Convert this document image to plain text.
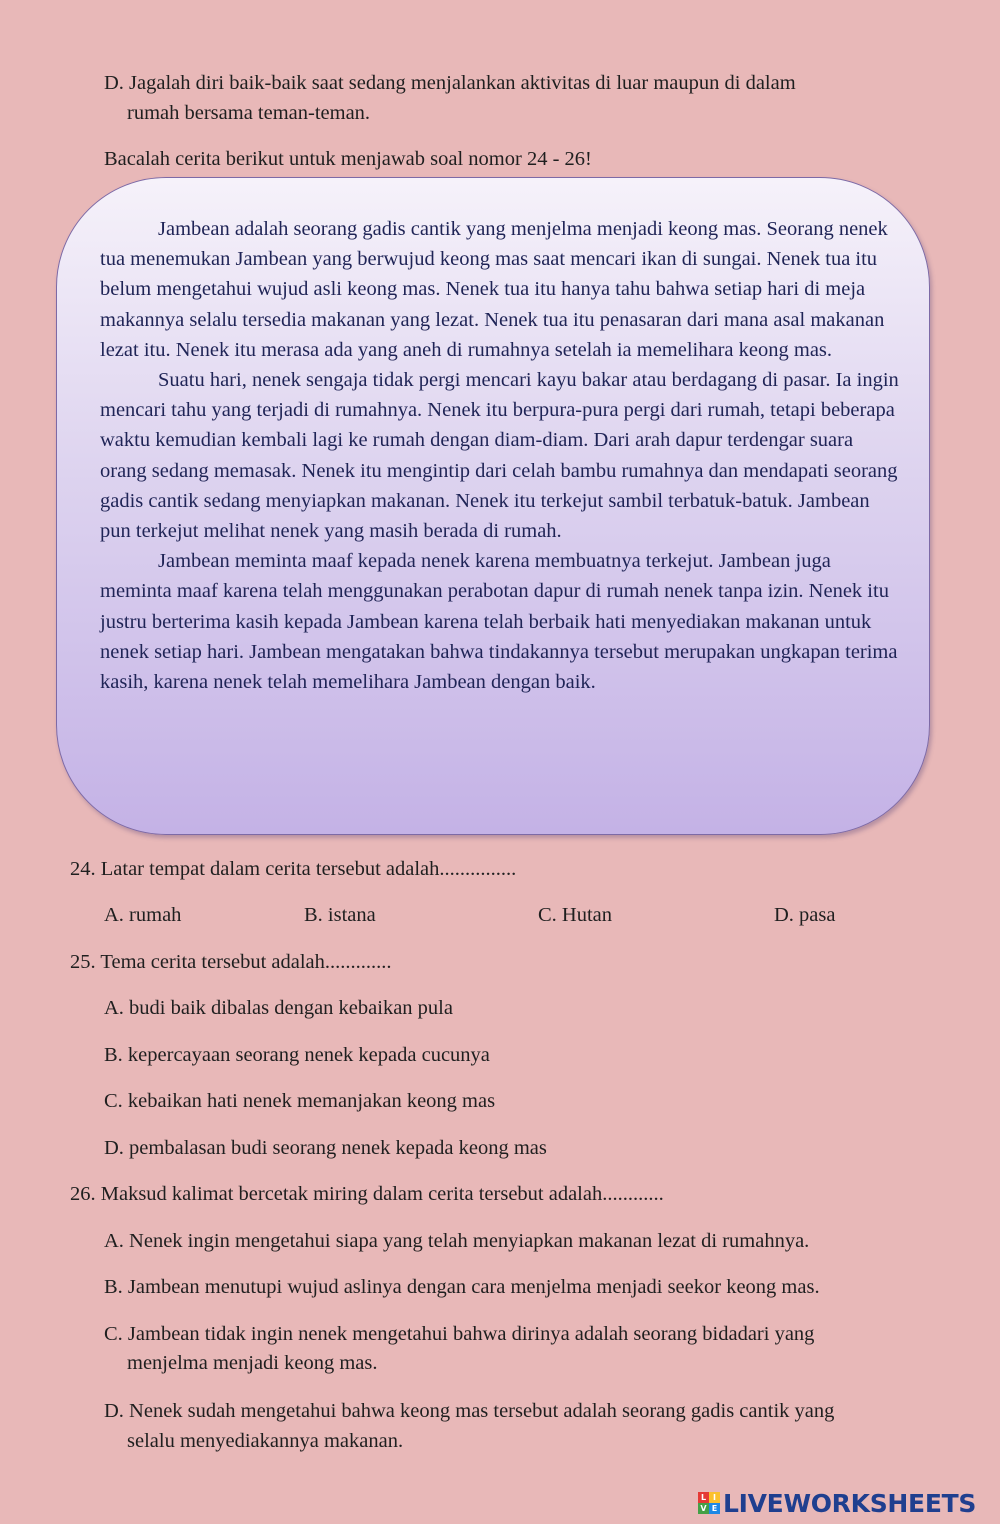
D. Jagalah diri baik-baik saat sedang menjalankan aktivitas di luar maupun di dalam
rumah bersama teman-teman.
Bacalah cerita berikut untuk menjawab soal nomor 24 - 26!

Jambean adalah seorang gadis cantik yang menjelma menjadi keong mas. Seorang nenek tua menemukan Jambean yang berwujud keong mas saat mencari ikan di sungai. Nenek tua itu belum mengetahui wujud asli keong mas. Nenek tua itu hanya tahu bahwa setiap hari di meja makannya selalu tersedia makanan yang lezat. Nenek tua itu penasaran dari mana asal makanan lezat itu. Nenek itu merasa ada yang aneh di rumahnya setelah ia memelihara keong mas.

Suatu hari, nenek sengaja tidak pergi mencari kayu bakar atau berdagang di pasar. Ia ingin mencari tahu yang terjadi di rumahnya. Nenek itu berpura-pura pergi dari rumah, tetapi beberapa waktu kemudian kembali lagi ke rumah dengan diam-diam. Dari arah dapur terdengar suara orang sedang memasak. Nenek itu mengintip dari celah bambu rumahnya dan mendapati seorang gadis cantik sedang menyiapkan makanan. Nenek itu terkejut sambil terbatuk-batuk. Jambean pun terkejut melihat nenek yang masih berada di rumah.

Jambean meminta maaf kepada nenek karena membuatnya terkejut. Jambean juga meminta maaf karena telah menggunakan perabotan dapur di rumah nenek tanpa izin. Nenek itu justru berterima kasih kepada Jambean karena telah berbaik hati menyediakan makanan untuk nenek setiap hari. Jambean mengatakan bahwa tindakannya tersebut merupakan ungkapan terima kasih, karena nenek telah memelihara Jambean dengan baik.

24. Latar tempat dalam cerita tersebut adalah...............
A. rumah	B. istana	C. Hutan	D. pasa
25. Tema cerita tersebut adalah.............
A. budi baik dibalas dengan kebaikan pula
B. kepercayaan seorang nenek kepada cucunya
C. kebaikan hati nenek memanjakan keong mas
D. pembalasan budi seorang nenek kepada keong mas
26. Maksud kalimat bercetak miring dalam cerita tersebut adalah............
A. Nenek ingin mengetahui siapa yang telah menyiapkan makanan lezat di rumahnya.
B. Jambean menutupi wujud aslinya dengan cara menjelma menjadi seekor keong mas.
C. Jambean tidak ingin nenek mengetahui bahwa dirinya adalah seorang bidadari yang
menjelma menjadi keong mas.
D. Nenek sudah mengetahui bahwa keong mas tersebut adalah seorang gadis cantik yang
selalu menyediakannya makanan.
L I
V E LIVEWORKSHEETS
